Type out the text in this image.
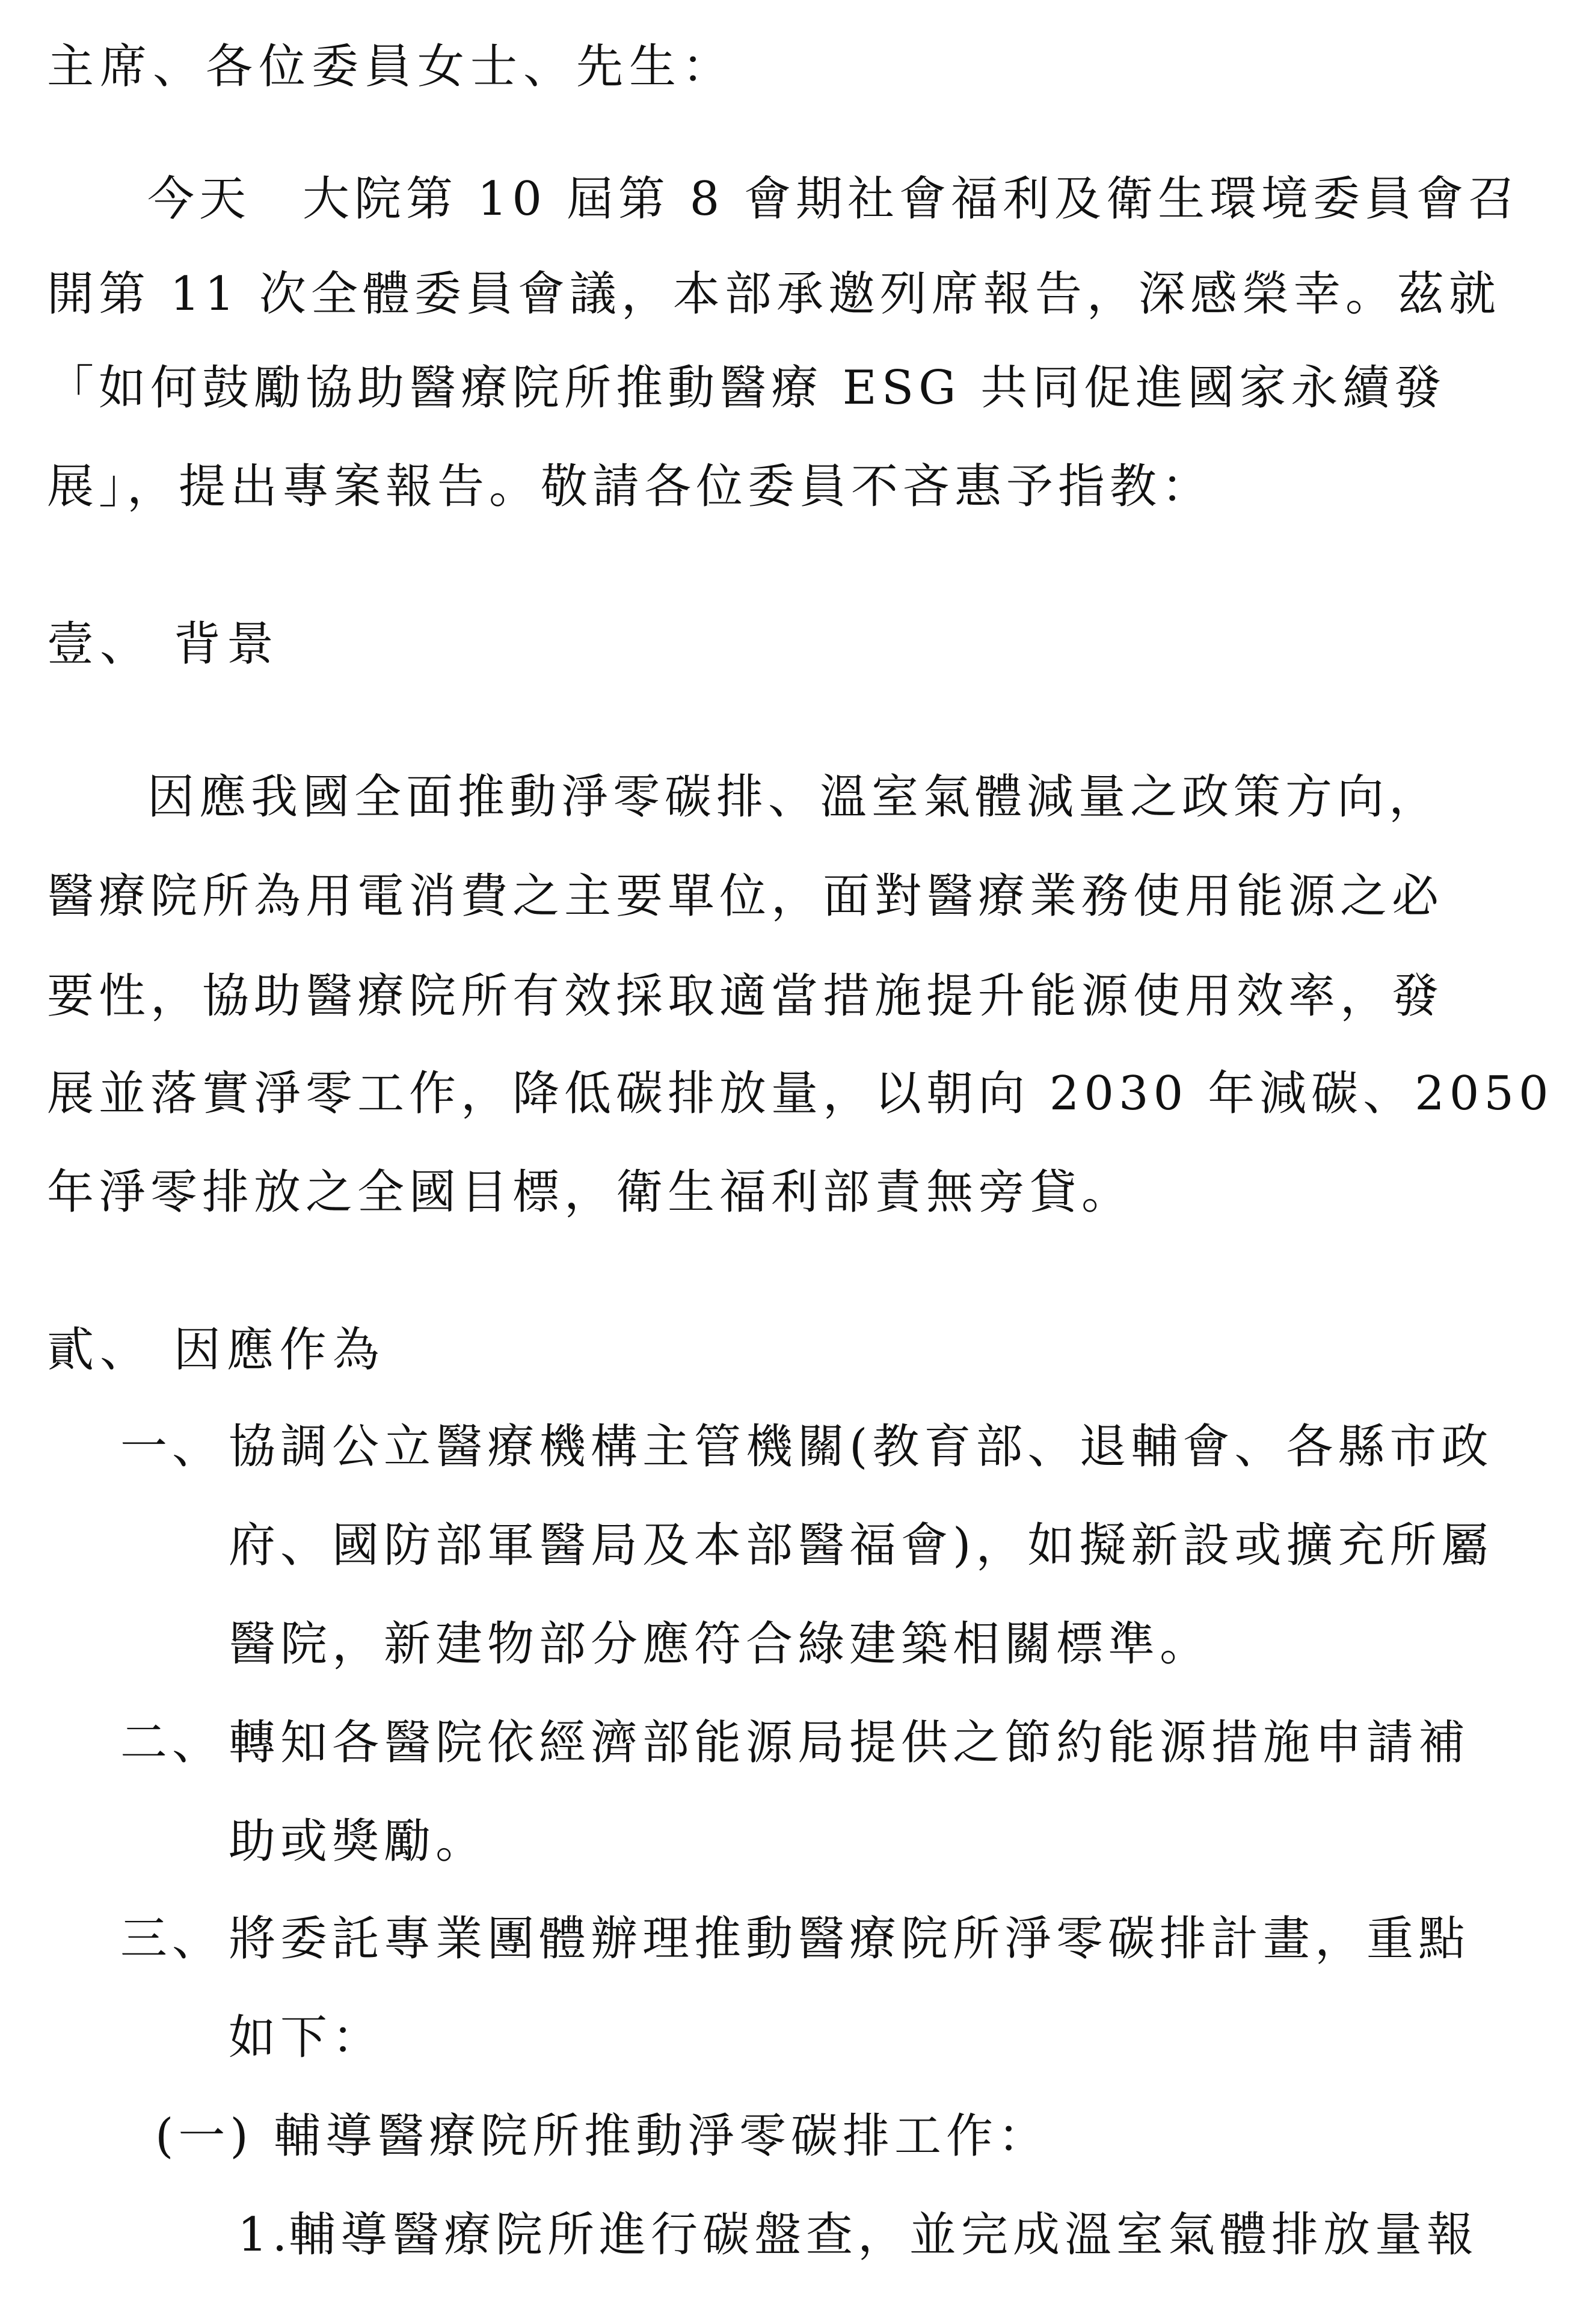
主席、各位委員女士、先生：
今天　大院第 10 屆第 8 會期社會福利及衛生環境委員會召
開第 11 次全體委員會議，本部承邀列席報告，深感榮幸。茲就
「如何鼓勵協助醫療院所推動醫療 ESG 共同促進國家永續發
展」，提出專案報告。敬請各位委員不吝惠予指教：
壹、 背景
因應我國全面推動淨零碳排、溫室氣體減量之政策方向，
醫療院所為用電消費之主要單位，面對醫療業務使用能源之必
要性，協助醫療院所有效採取適當措施提升能源使用效率，發
展並落實淨零工作，降低碳排放量，以朝向 2030 年減碳、2050
年淨零排放之全國目標，衛生福利部責無旁貸。
貳、 因應作為
一、 協調公立醫療機構主管機關(教育部、退輔會、各縣市政
府、國防部軍醫局及本部醫福會)，如擬新設或擴充所屬
醫院，新建物部分應符合綠建築相關標準。
二、 轉知各醫院依經濟部能源局提供之節約能源措施申請補
助或獎勵。
三、 將委託專業團體辦理推動醫療院所淨零碳排計畫，重點
如下：
(一) 輔導醫療院所推動淨零碳排工作：
1.
輔導醫療院所進行碳盤查，並完成溫室氣體排放量報
